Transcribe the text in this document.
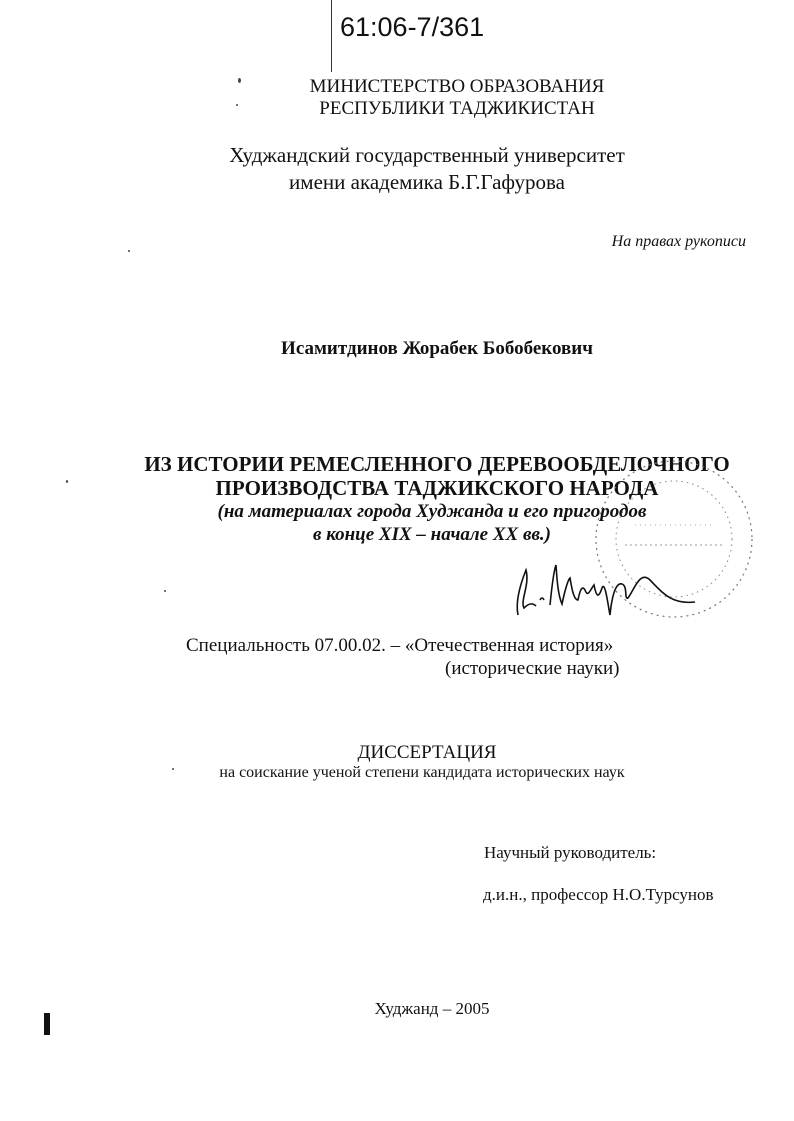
61:06-7/361
МИНИСТЕРСТВО ОБРАЗОВАНИЯ
РЕСПУБЛИКИ ТАДЖИКИСТАН
Худжандский государственный университет
имени академика Б.Г.Гафурова
На правах рукописи
Исамитдинов Жорабек Бобобекович
ИЗ ИСТОРИИ РЕМЕСЛЕННОГО ДЕРЕВООБДЕЛОЧНОГО
ПРОИЗВОДСТВА ТАДЖИКСКОГО НАРОДА
(на материалах города Худжанда и его пригородов
в конце XIX – начале XX вв.)
Специальность 07.00.02. – «Отечественная история»
(исторические науки)
ДИССЕРТАЦИЯ
на соискание ученой степени кандидата исторических наук
Научный руководитель:
д.и.н., профессор Н.О.Турсунов
Худжанд – 2005
